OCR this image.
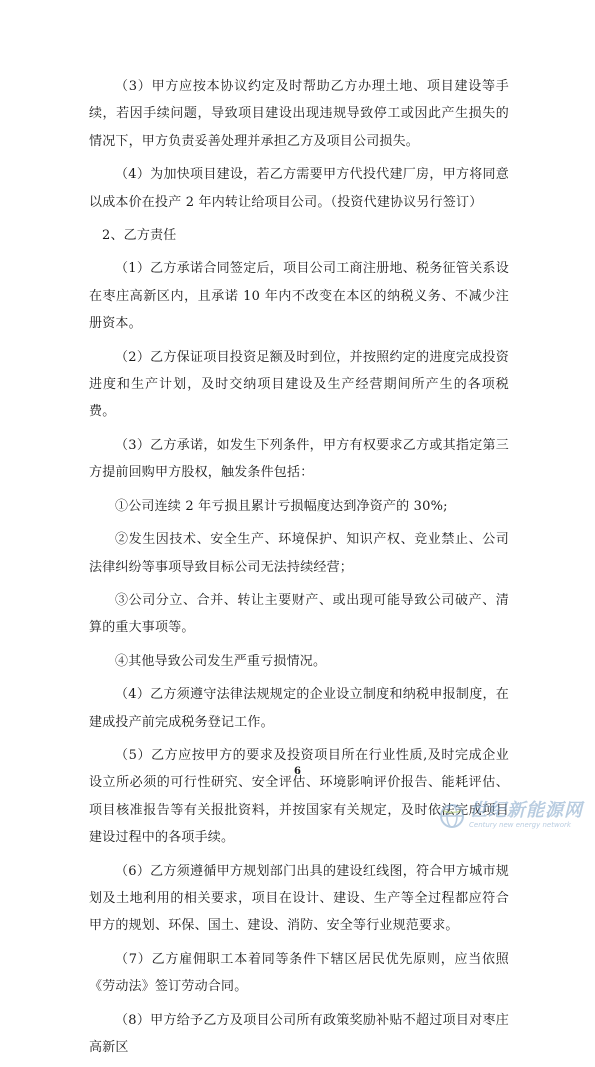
（3）甲方应按本协议约定及时帮助乙方办理土地、项目建设等手续，若因手续问题，导致项目建设出现违规导致停工或因此产生损失的情况下，甲方负责妥善处理并承担乙方及项目公司损失。

（4）为加快项目建设，若乙方需要甲方代投代建厂房，甲方将同意以成本价在投产 2 年内转让给项目公司。（投资代建协议另行签订）

2、乙方责任

（1）乙方承诺合同签定后，项目公司工商注册地、税务征管关系设在枣庄高新区内，且承诺 10 年内不改变在本区的纳税义务、不减少注册资本。

（2）乙方保证项目投资足额及时到位，并按照约定的进度完成投资进度和生产计划，及时交纳项目建设及生产经营期间所产生的各项税费。

（3）乙方承诺，如发生下列条件，甲方有权要求乙方或其指定第三方提前回购甲方股权，触发条件包括：

①公司连续 2 年亏损且累计亏损幅度达到净资产的 30%;

②发生因技术、安全生产、环境保护、知识产权、竞业禁止、公司法律纠纷等事项导致目标公司无法持续经营；

③公司分立、合并、转让主要财产、或出现可能导致公司破产、清算的重大事项等。

④其他导致公司发生严重亏损情况。

（4）乙方须遵守法律法规规定的企业设立制度和纳税申报制度，在建成投产前完成税务登记工作。

（5）乙方应按甲方的要求及投资项目所在行业性质,及时完成企业设立所必须的可行性研究、安全评估、环境影响评价报告、能耗评估、项目核准报告等有关报批资料，并按国家有关规定，及时依法完成项目建设过程中的各项手续。

（6）乙方须遵循甲方规划部门出具的建设红线图，符合甲方城市规划及土地利用的相关要求，项目在设计、建设、生产等全过程都应符合甲方的规划、环保、国土、建设、消防、安全等行业规范要求。

（7）乙方雇佣职工本着同等条件下辖区居民优先原则，应当依照《劳动法》签订劳动合同。

（8）甲方给予乙方及项目公司所有政策奖励补贴不超过项目对枣庄高新区

6
世纪新能源网
Century new energy network
